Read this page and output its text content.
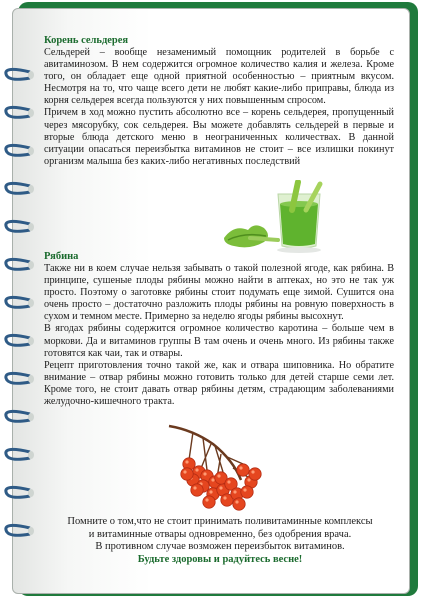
Корень сельдерея

Сельдерей – вообще незаменимый помощник родителей в борьбе с авитаминозом. В нем содержится огромное количество калия и железа. Кроме того, он обладает еще одной приятной особенностью – приятным вкусом. Несмотря на то, что чаще всего дети не любят какие-либо приправы, блюда из корня сельдерея всегда пользуются у них повышенным спросом.

Причем в ход можно пустить абсолютно все – корень сельдерея, пропущенный через мясорубку, сок сельдерея. Вы можете добавлять сельдерей в первые и вторые блюда детского меню в неограниченных количествах. В данной ситуации опасаться переизбытка витаминов не стоит – все излишки покинут организм малыша без каких-либо негативных последствий

Рябина

Также ни в коем случае нельзя забывать о такой полезной ягоде, как рябина. В принципе, сушеные плоды рябины можно найти в аптеках, но это не так уж просто. Поэтому о заготовке рябины стоит подумать еще зимой. Сушится она очень просто – достаточно разложить плоды рябины на ровную поверхность в сухом и темном месте. Примерно за неделю ягоды рябины высохнут.

В ягодах рябины содержится огромное количество каротина – больше чем в моркови. Да и витаминов группы В там очень и очень много. Из рябины также готовятся как чаи, так и отвары.

Рецепт приготовления точно такой же, как и отвара шиповника. Но обратите внимание – отвар рябины можно готовить только для детей старше семи лет. Кроме того, не стоит давать отвар рябины детям, страдающим заболеваниями желудочно-кишечного тракта.

Помните о том,что не стоит принимать поливитаминные комплексы
и витаминные отвары одновременно, без одобрения врача.
В противном случае возможен переизбыток витаминов.
Будьте здоровы и радуйтесь весне!
